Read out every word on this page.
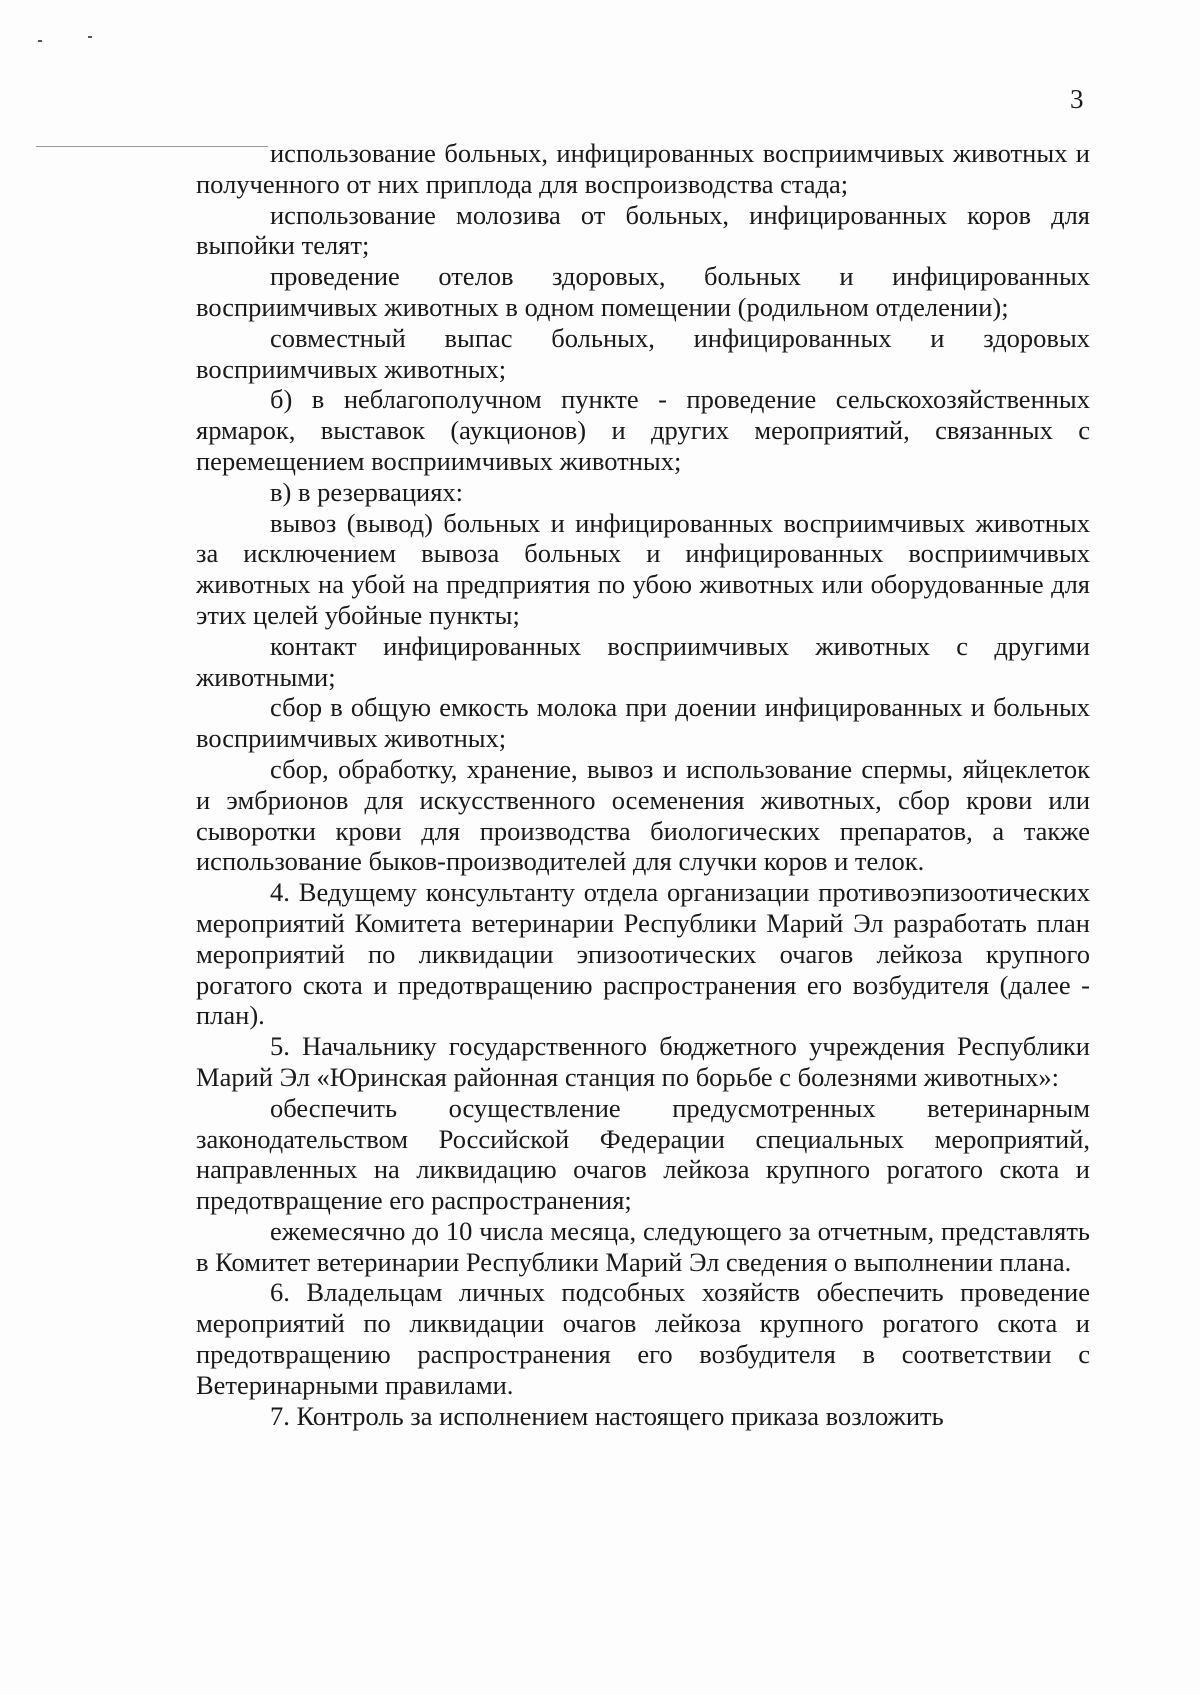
3

использование больных, инфицированных восприимчивых животных и полученного от них приплода для воспроизводства стада;

использование молозива от больных, инфицированных коров для выпойки телят;

проведение отелов здоровых, больных и инфицированных восприимчивых животных в одном помещении (родильном отделении);

совместный выпас больных, инфицированных и здоровых восприимчивых животных;

б) в неблагополучном пункте - проведение сельскохозяйственных ярмарок, выставок (аукционов) и других мероприятий, связанных с перемещением восприимчивых животных;

в) в резервациях:

вывоз (вывод) больных и инфицированных восприимчивых животных за исключением вывоза больных и инфицированных восприимчивых животных на убой на предприятия по убою животных или оборудованные для этих целей убойные пункты;

контакт инфицированных восприимчивых животных с другими животными;

сбор в общую емкость молока при доении инфицированных и больных восприимчивых животных;

сбор, обработку, хранение, вывоз и использование спермы, яйцеклеток и эмбрионов для искусственного осеменения животных, сбор крови или сыворотки крови для производства биологических препаратов, а также использование быков-производителей для случки коров и телок.

4. Ведущему консультанту отдела организации противоэпизоотических мероприятий Комитета ветеринарии Республики Марий Эл разработать план мероприятий по ликвидации эпизоотических очагов лейкоза крупного рогатого скота и предотвращению распространения его возбудителя (далее - план).

5. Начальнику государственного бюджетного учреждения Республики Марий Эл «Юринская районная станция по борьбе с болезнями животных»:

обеспечить осуществление предусмотренных ветеринарным законодательством Российской Федерации специальных мероприятий, направленных на ликвидацию очагов лейкоза крупного рогатого скота и предотвращение его распространения;

ежемесячно до 10 числа месяца, следующего за отчетным, представлять в Комитет ветеринарии Республики Марий Эл сведения о выполнении плана.

6. Владельцам личных подсобных хозяйств обеспечить проведение мероприятий по ликвидации очагов лейкоза крупного рогатого скота и предотвращению распространения его возбудителя в соответствии с Ветеринарными правилами.

7. Контроль за исполнением настоящего приказа возложить
